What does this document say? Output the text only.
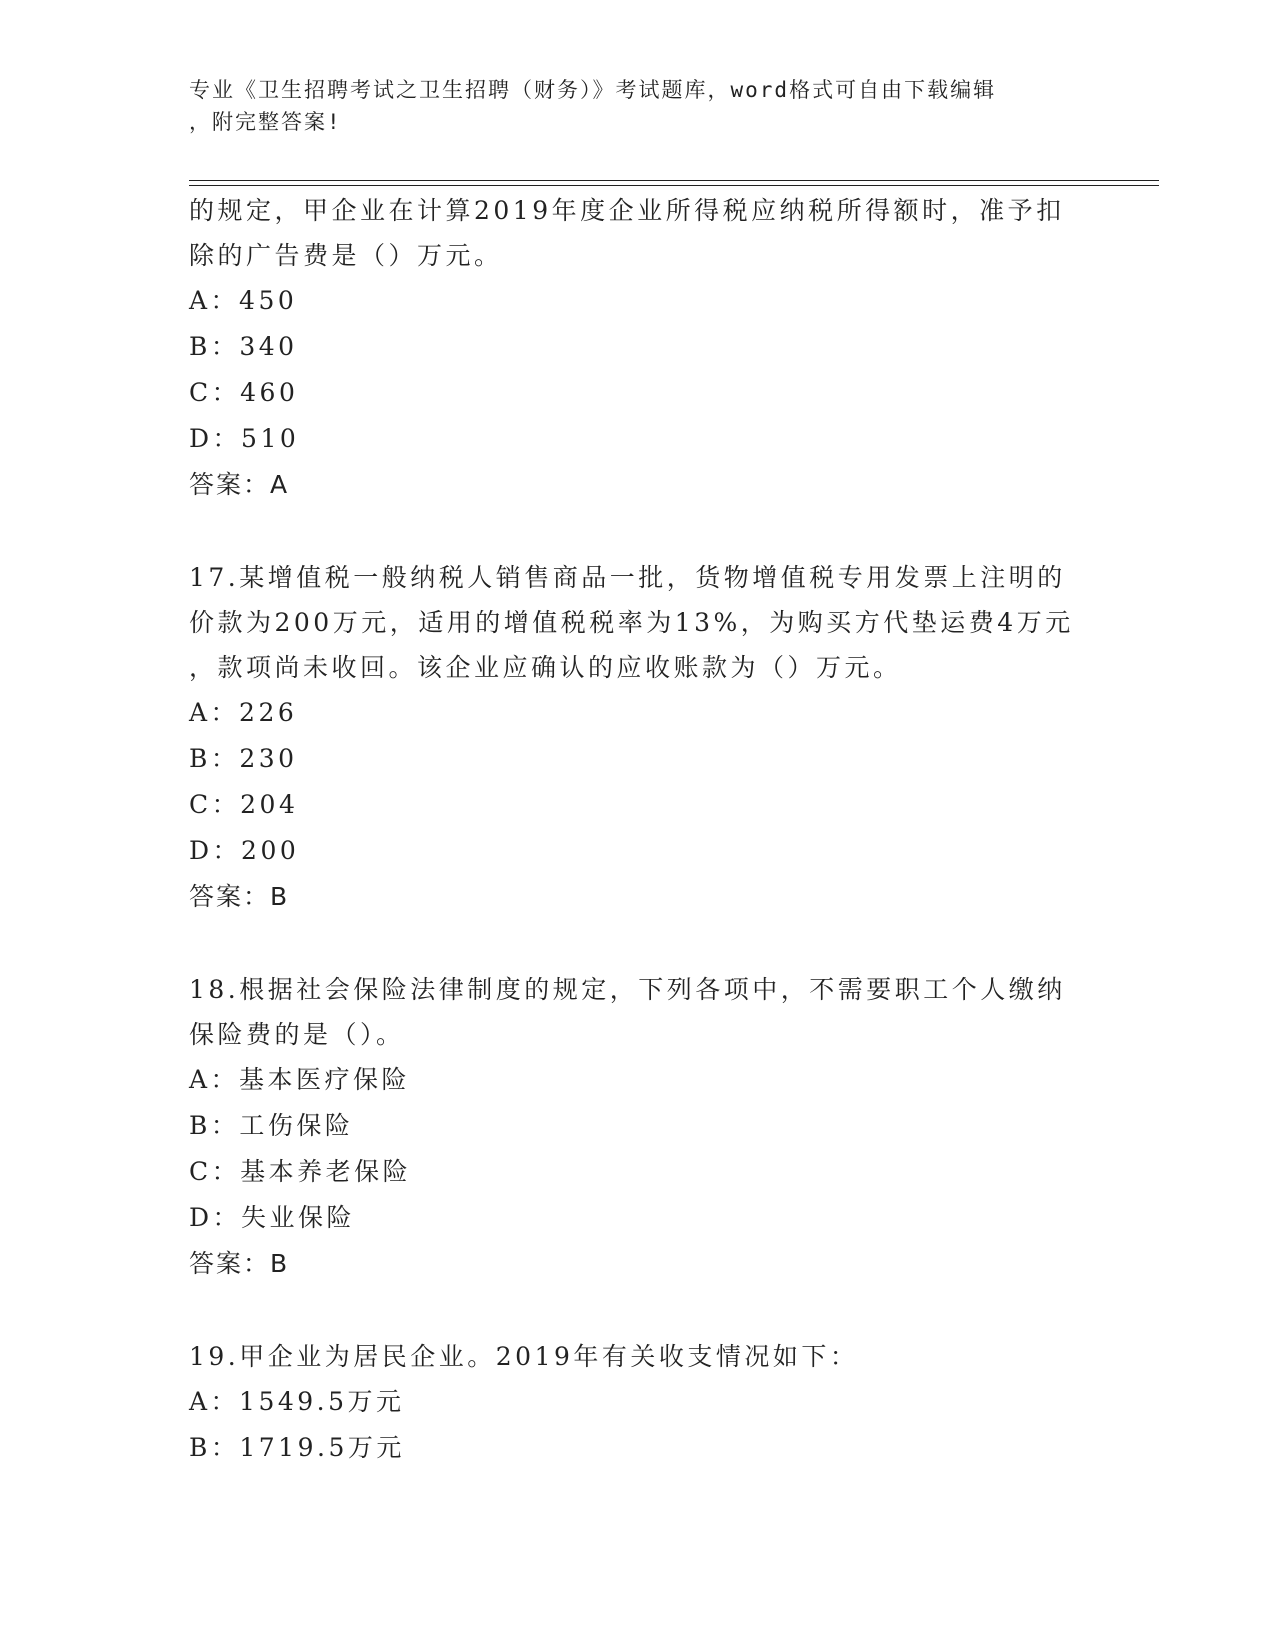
专业《卫生招聘考试之卫生招聘（财务）》考试题库，word格式可自由下载编辑
，附完整答案!
的规定，甲企业在计算2019年度企业所得税应纳税所得额时，准予扣
除的广告费是（）万元。
A：450
B：340
C：460
D：510
答案：A
17.某增值税一般纳税人销售商品一批，货物增值税专用发票上注明的
价款为200万元，适用的增值税税率为13%，为购买方代垫运费4万元
，款项尚未收回。该企业应确认的应收账款为（）万元。
A：226
B：230
C：204
D：200
答案：B
18.根据社会保险法律制度的规定，下列各项中，不需要职工个人缴纳
保险费的是（）。
A：基本医疗保险
B：工伤保险
C：基本养老保险
D：失业保险
答案：B
19.甲企业为居民企业。2019年有关收支情况如下：
A：1549.5万元
B：1719.5万元
